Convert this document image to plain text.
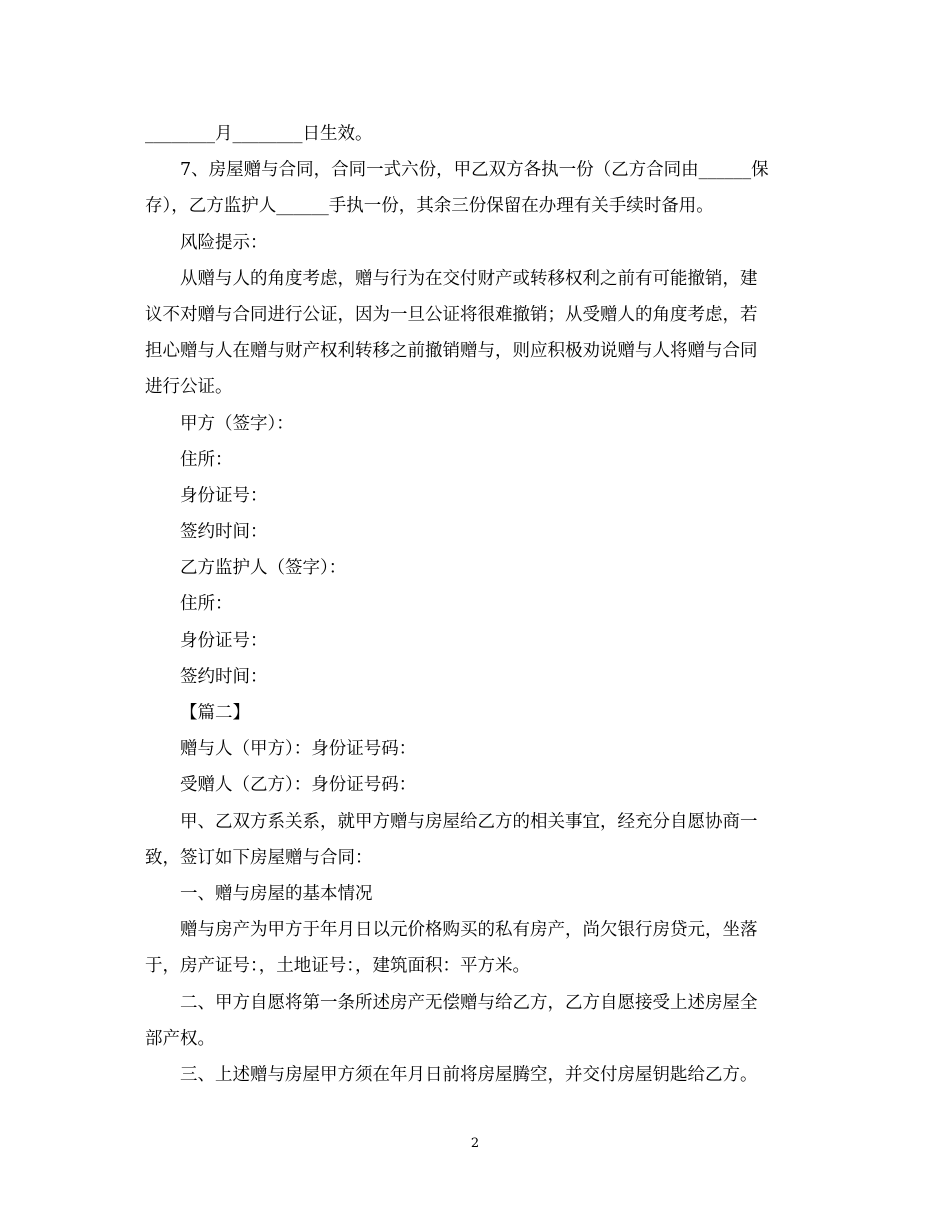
________月________日生效。
7、房屋赠与合同，合同一式六份，甲乙双方各执一份（乙方合同由______保
存），乙方监护人______手执一份，其余三份保留在办理有关手续时备用。
风险提示：
从赠与人的角度考虑，赠与行为在交付财产或转移权利之前有可能撤销，建
议不对赠与合同进行公证，因为一旦公证将很难撤销；从受赠人的角度考虑，若
担心赠与人在赠与财产权利转移之前撤销赠与，则应积极劝说赠与人将赠与合同
进行公证。
甲方（签字）：
住所：
身份证号：
签约时间：
乙方监护人（签字）：
住所：
身份证号：
签约时间：
【篇二】
赠与人（甲方）：身份证号码：
受赠人（乙方）：身份证号码：
甲、乙双方系关系，就甲方赠与房屋给乙方的相关事宜，经充分自愿协商一
致，签订如下房屋赠与合同：
一、赠与房屋的基本情况
赠与房产为甲方于年月日以元价格购买的私有房产，尚欠银行房贷元，坐落
于，房产证号：，土地证号：，建筑面积：平方米。
二、甲方自愿将第一条所述房产无偿赠与给乙方，乙方自愿接受上述房屋全
部产权。
三、上述赠与房屋甲方须在年月日前将房屋腾空，并交付房屋钥匙给乙方。
2
